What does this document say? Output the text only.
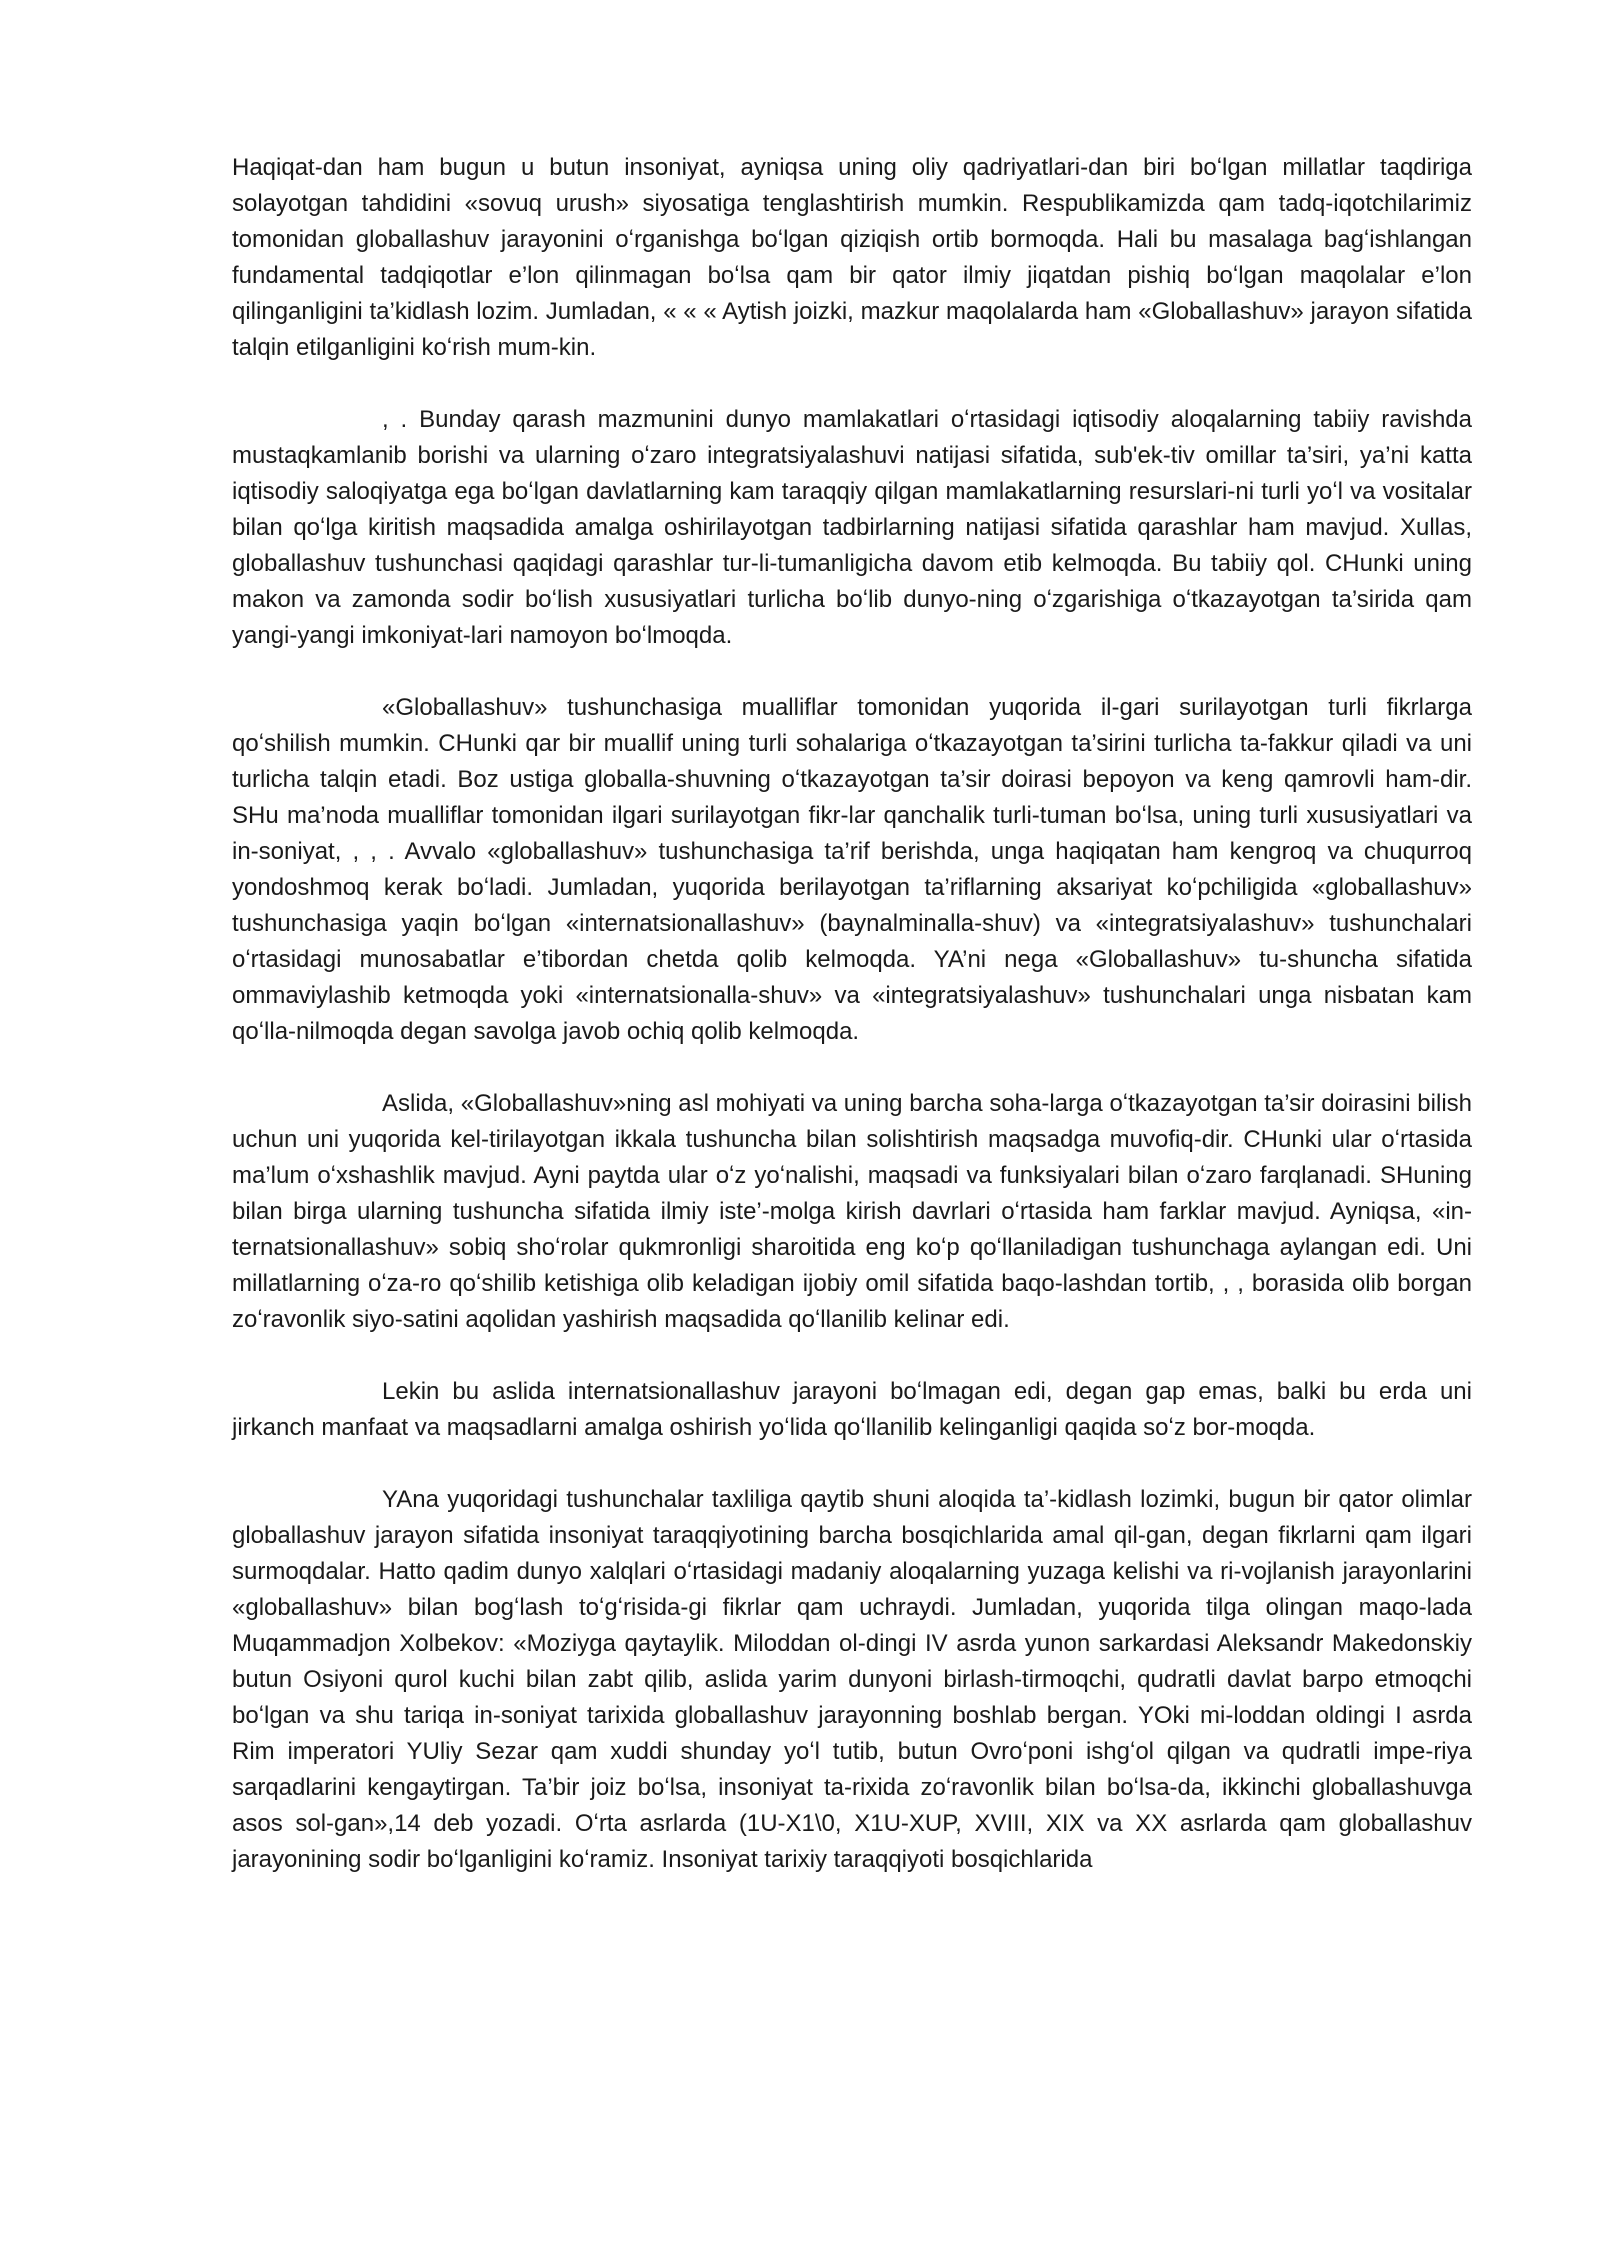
Haqiqat-dan ham bugun u butun insoniyat, ayniqsa uning oliy qadriyatlari-dan biri boʻlgan millatlar taqdiriga solayotgan tahdidini «sovuq urush» siyosatiga tenglashtirish mumkin. Respublikamizda qam tadq-iqotchilarimiz tomonidan globallashuv jarayonini oʻrganishga boʻlgan qiziqish ortib bormoqda. Hali bu masalaga bagʻishlangan fundamental tadqiqotlar e’lon qilinmagan boʻlsa qam bir qator ilmiy jiqatdan pishiq boʻlgan maqolalar e’lon qilinganligini ta’kidlash lozim. Jumladan, « « « Aytish joizki, mazkur maqolalarda ham «Globallashuv» jarayon sifatida talqin etilganligini koʻrish mum-kin.

, . Bunday qarash mazmunini dunyo mamlakatlari oʻrtasidagi iqtisodiy aloqalarning tabiiy ravishda mustaqkamlanib borishi va ularning oʻzaro integratsiyalashuvi natijasi sifatida, sub'ek-tiv omillar ta’siri, ya’ni katta iqtisodiy saloqiyatga ega boʻlgan davlatlarning kam taraqqiy qilgan mamlakatlarning resurslari-ni turli yoʻl va vositalar bilan qoʻlga kiritish maqsadida amalga oshirilayotgan tadbirlarning natijasi sifatida qarashlar ham mavjud. Xullas, globallashuv tushunchasi qaqidagi qarashlar tur-li-tumanligicha davom etib kelmoqda. Bu tabiiy qol. CHunki uning makon va zamonda sodir boʻlish xususiyatlari turlicha boʻlib dunyo-ning oʻzgarishiga oʻtkazayotgan ta’sirida qam yangi-yangi imkoniyat-lari namoyon boʻlmoqda.

«Globallashuv» tushunchasiga mualliflar tomonidan yuqorida il-gari surilayotgan turli fikrlarga qoʻshilish mumkin. CHunki qar bir muallif uning turli sohalariga oʻtkazayotgan ta’sirini turlicha ta-fakkur qiladi va uni turlicha talqin etadi. Boz ustiga globalla-shuvning oʻtkazayotgan ta’sir doirasi bepoyon va keng qamrovli ham-dir. SHu ma’noda mualliflar tomonidan ilgari surilayotgan fikr-lar qanchalik turli-tuman boʻlsa, uning turli xususiyatlari va in-soniyat, , , . Avvalo «globallashuv» tushunchasiga ta’rif berishda, unga haqiqatan ham kengroq va chuqurroq yondoshmoq kerak boʻladi. Jumladan, yuqorida berilayotgan ta’riflarning aksariyat koʻpchiligida «globallashuv» tushunchasiga yaqin boʻlgan «internatsionallashuv» (baynalminalla-shuv) va «integratsiyalashuv» tushunchalari oʻrtasidagi munosabatlar e’tibordan chetda qolib kelmoqda. YA’ni nega «Globallashuv» tu-shuncha sifatida ommaviylashib ketmoqda yoki «internatsionalla-shuv» va «integratsiyalashuv» tushunchalari unga nisbatan kam qoʻlla-nilmoqda degan savolga javob ochiq qolib kelmoqda.

Aslida, «Globallashuv»ning asl mohiyati va uning barcha soha-larga oʻtkazayotgan ta’sir doirasini bilish uchun uni yuqorida kel-tirilayotgan ikkala tushuncha bilan solishtirish maqsadga muvofiq-dir. CHunki ular oʻrtasida ma’lum oʻxshashlik mavjud. Ayni paytda ular oʻz yoʻnalishi, maqsadi va funksiyalari bilan oʻzaro farqlanadi. SHuning bilan birga ularning tushuncha sifatida ilmiy iste’-molga kirish davrlari oʻrtasida ham farklar mavjud. Ayniqsa, «in-ternatsionallashuv» sobiq shoʻrolar qukmronligi sharoitida eng koʻp qoʻllaniladigan tushunchaga aylangan edi. Uni millatlarning oʻza-ro qoʻshilib ketishiga olib keladigan ijobiy omil sifatida baqo-lashdan tortib, , , borasida olib borgan zoʻravonlik siyo-satini aqolidan yashirish maqsadida qoʻllanilib kelinar edi.

Lekin bu aslida internatsionallashuv jarayoni boʻlmagan edi, degan gap emas, balki bu erda uni jirkanch manfaat va maqsadlarni amalga oshirish yoʻlida qoʻllanilib kelinganligi qaqida soʻz bor-moqda.

YAna yuqoridagi tushunchalar taxliliga qaytib shuni aloqida ta’-kidlash lozimki, bugun bir qator olimlar globallashuv jarayon sifatida insoniyat taraqqiyotining barcha bosqichlarida amal qil-gan, degan fikrlarni qam ilgari surmoqdalar. Hatto qadim dunyo xalqlari oʻrtasidagi madaniy aloqalarning yuzaga kelishi va ri-vojlanish jarayonlarini «globallashuv» bilan bogʻlash toʻgʻrisida-gi fikrlar qam uchraydi. Jumladan, yuqorida tilga olingan maqo-lada Muqammadjon Xolbekov: «Moziyga qaytaylik. Miloddan ol-dingi IV asrda yunon sarkardasi Aleksandr Makedonskiy butun Osiyoni qurol kuchi bilan zabt qilib, aslida yarim dunyoni birlash-tirmoqchi, qudratli davlat barpo etmoqchi boʻlgan va shu tariqa in-soniyat tarixida globallashuv jarayonning boshlab bergan. YOki mi-loddan oldingi I asrda Rim imperatori YUliy Sezar qam xuddi shunday yoʻl tutib, butun Ovroʻponi ishgʻol qilgan va qudratli impe-riya sarqadlarini kengaytirgan. Ta’bir joiz boʻlsa, insoniyat ta-rixida zoʻravonlik bilan boʻlsa-da, ikkinchi globallashuvga asos sol-gan»,14 deb yozadi. Oʻrta asrlarda (1U-X1\0, X1U-XUP, XVIII, XIX va XX asrlarda qam globallashuv jarayonining sodir boʻlganligini koʻramiz. Insoniyat tarixiy taraqqiyoti bosqichlarida
